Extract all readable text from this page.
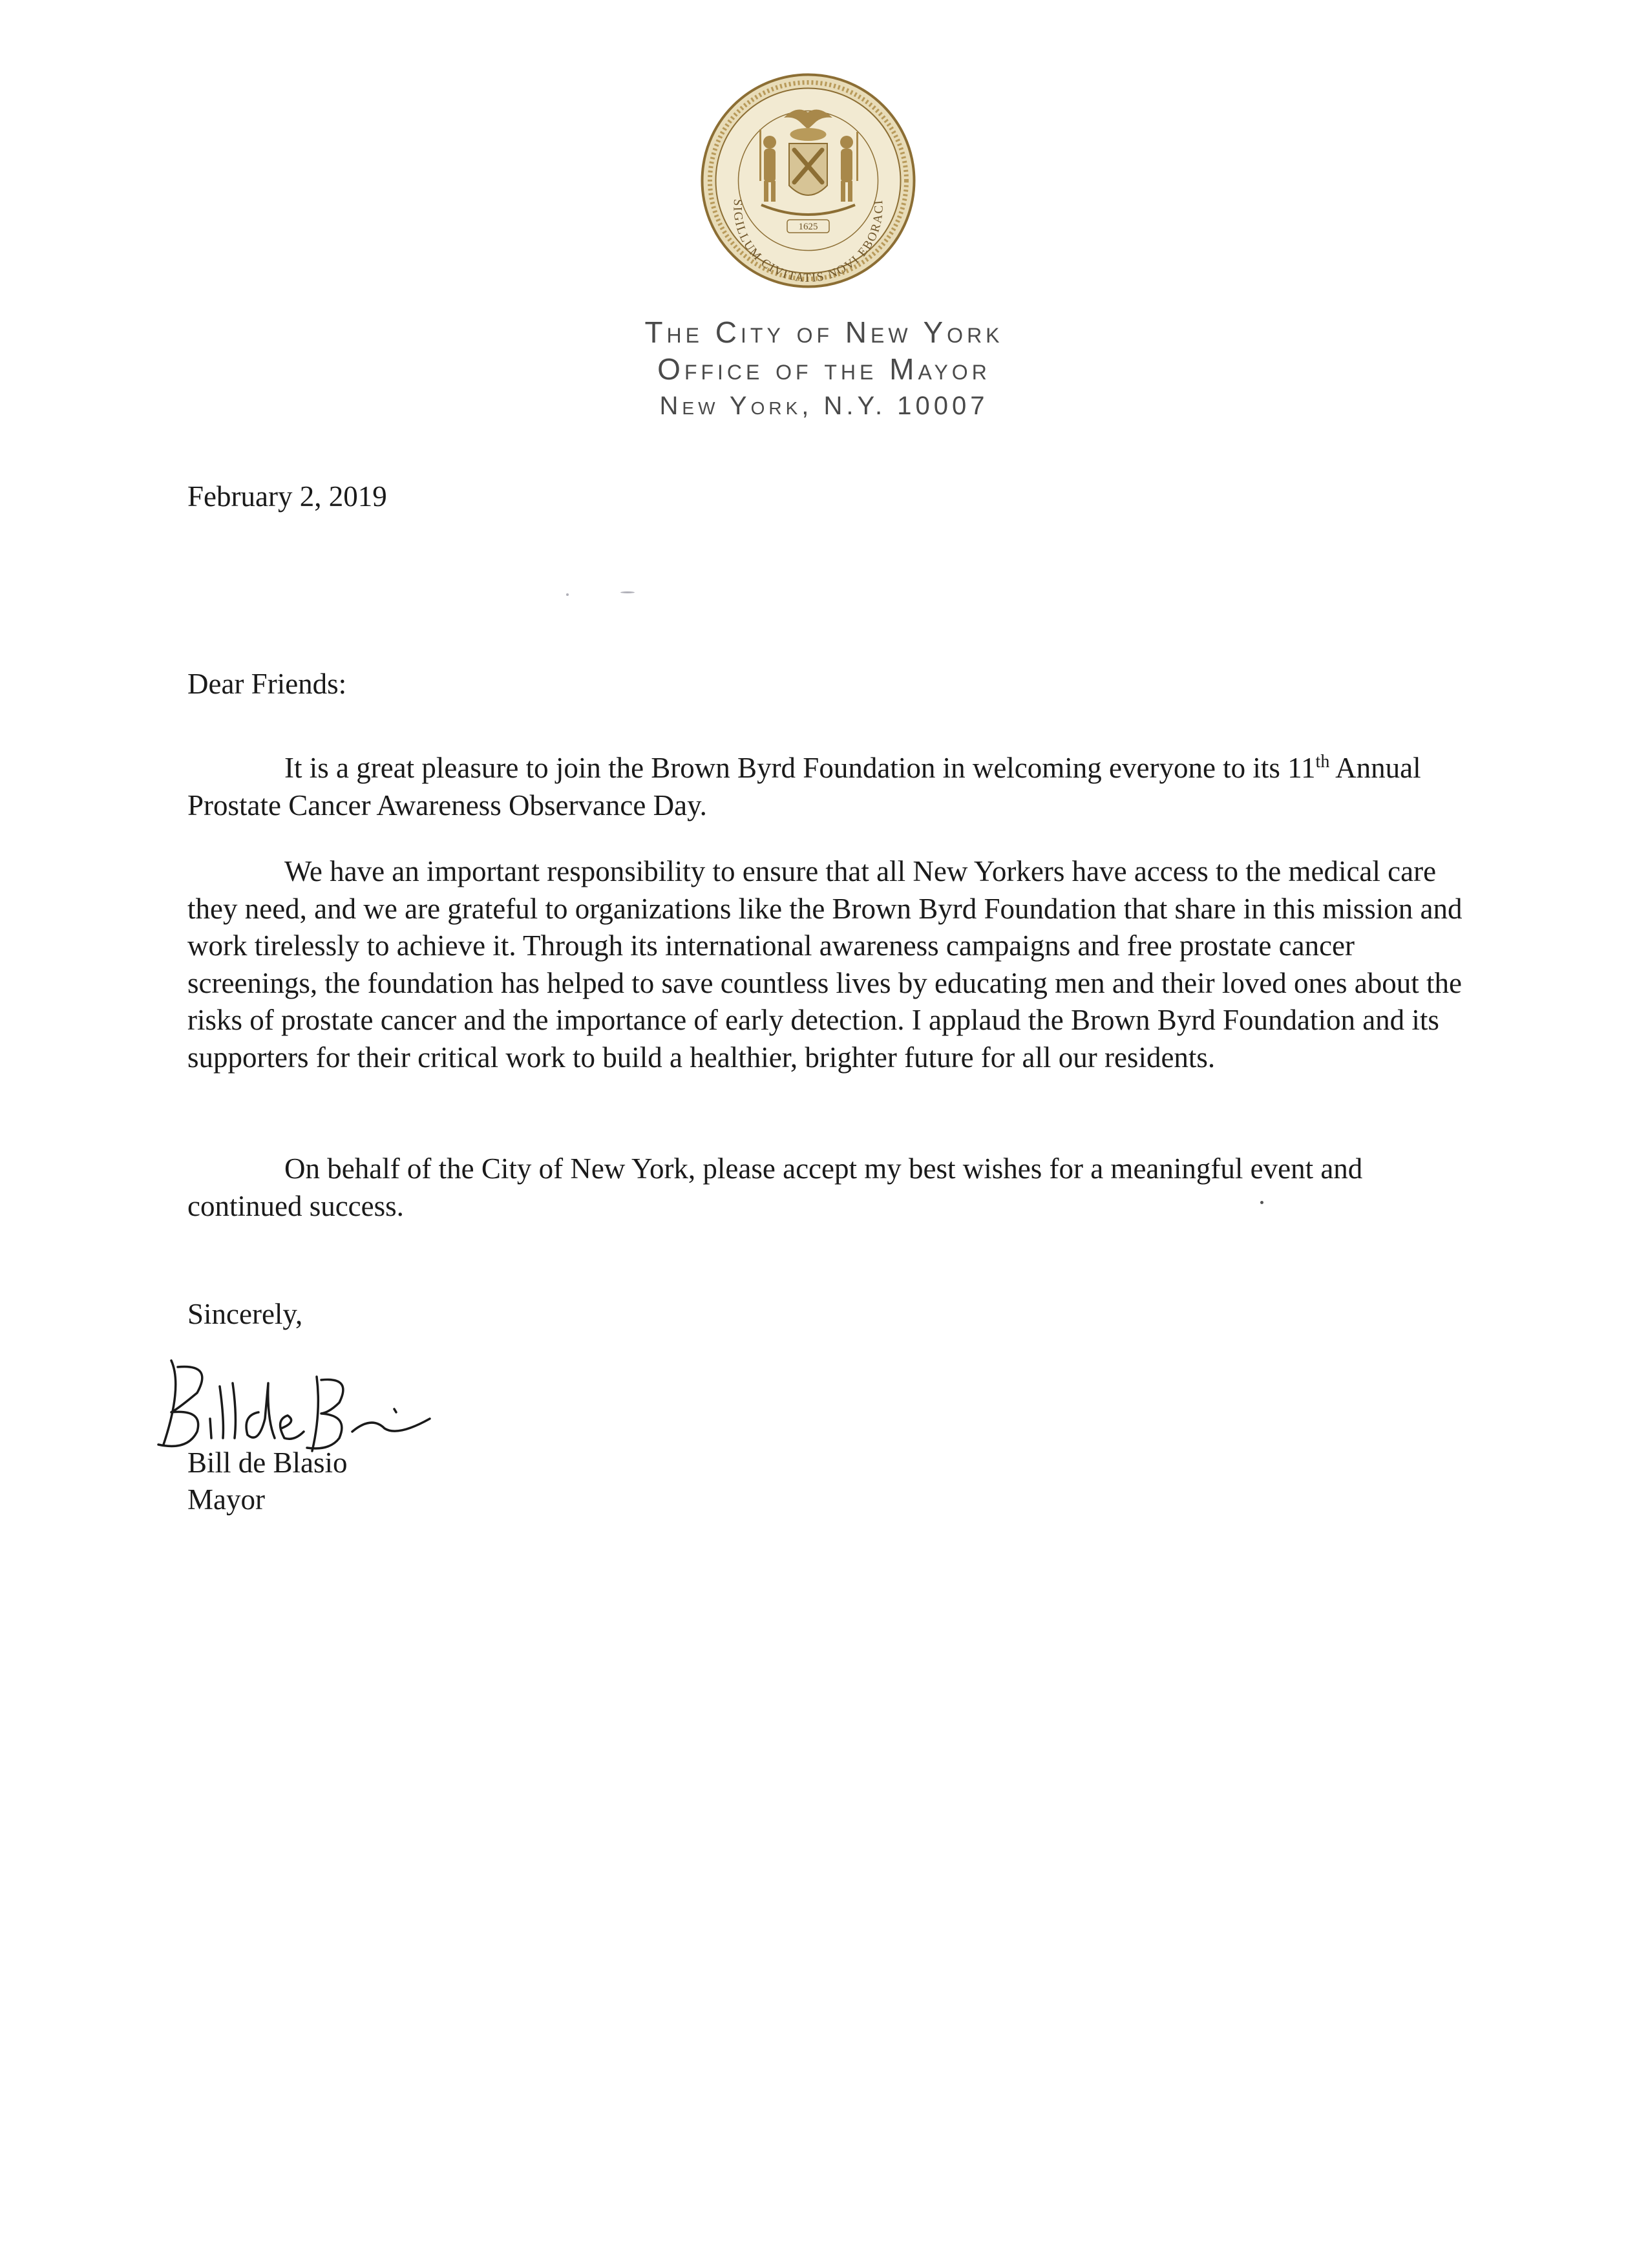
1625
SIGILLUM CIVITATIS NOVI EBORACI
The City of New York
Office of the Mayor
New York, N.Y. 10007
February 2, 2019
Dear Friends:

It is a great pleasure to join the Brown Byrd Foundation in welcoming everyone to its 11th Annual Prostate Cancer Awareness Observance Day.

We have an important responsibility to ensure that all New Yorkers have access to the medical care they need, and we are grateful to organizations like the Brown Byrd Foundation that share in this mission and work tirelessly to achieve it. Through its international awareness campaigns and free prostate cancer screenings, the foundation has helped to save countless lives by educating men and their loved ones about the risks of prostate cancer and the importance of early detection. I applaud the Brown Byrd Foundation and its supporters for their critical work to build a healthier, brighter future for all our residents.

On behalf of the City of New York, please accept my best wishes for a meaningful event and continued success.

Sincerely,
Bill de Blasio
Mayor
